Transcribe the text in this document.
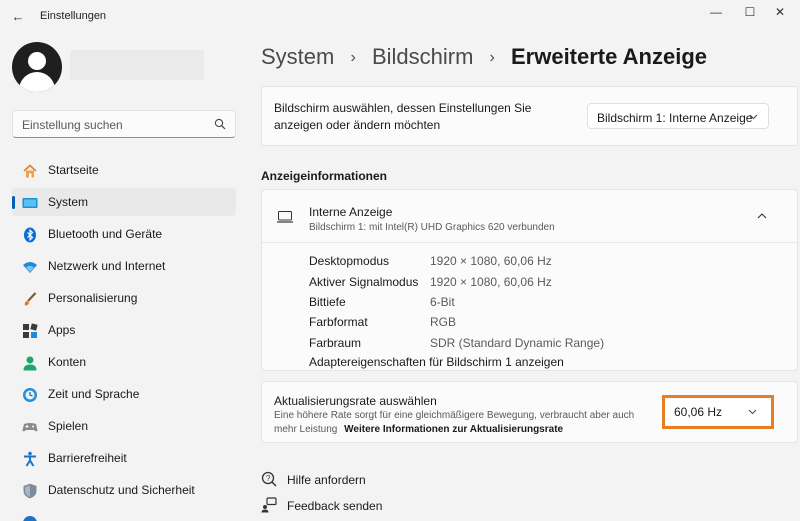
← Einstellungen	—	☐	✕
Einstellung suchen
Startseite
System
Bluetooth und Geräte
Netzwerk und Internet
Personalisierung
Apps
Konten
Zeit und Sprache
Spielen
Barrierefreiheit
Datenschutz und Sicherheit
System › Bildschirm › Erweiterte Anzeige
Bildschirm auswählen, dessen Einstellungen Sie anzeigen oder ändern möchten	Bildschirm 1: Interne Anzeige
Anzeigeinformationen
Interne Anzeige
Bildschirm 1: mit Intel(R) UHD Graphics 620 verbunden
Desktopmodus	1920 × 1080, 60,06 Hz
Aktiver Signalmodus 1920 × 1080, 60,06 Hz
Bittiefe	6-Bit
Farbformat	RGB
Farbraum	SDR (Standard Dynamic Range)
Adaptereigenschaften für Bildschirm 1 anzeigen
Aktualisierungsrate auswählen
Eine höhere Rate sorgt für eine gleichmäßigere Bewegung, verbraucht aber auch mehr Leistung Weitere Informationen zur Aktualisierungsrate
60,06 Hz
? Hilfe anfordern
Feedback senden
